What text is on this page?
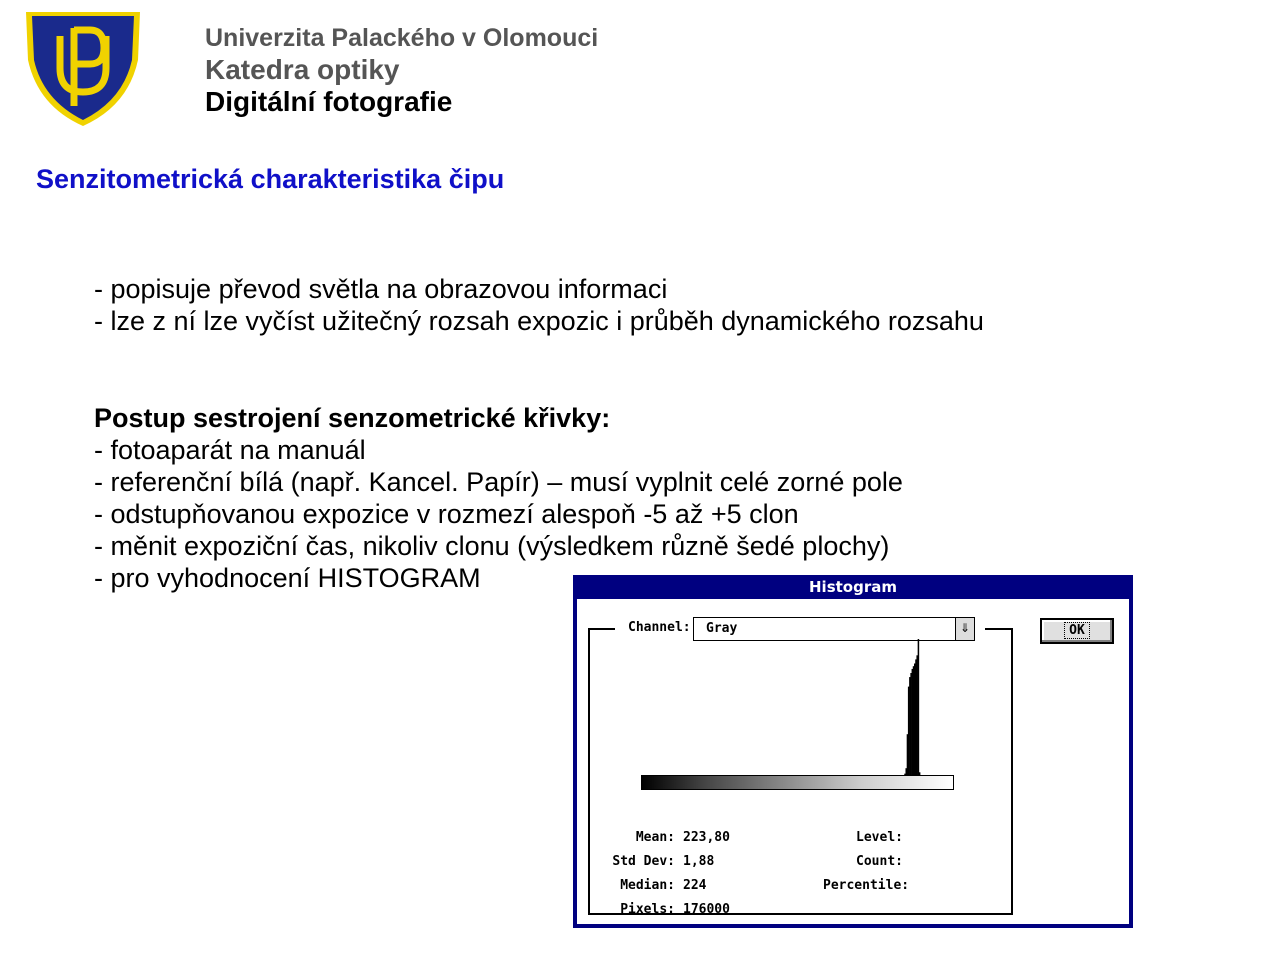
Univerzita Palackého v Olomouci
Katedra optiky
Digitální fotografie
Senzitometrická charakteristika čipu
- popisuje převod světla na obrazovou informaci
- lze z ní lze vyčíst užitečný rozsah expozic i průběh dynamického rozsahu
Postup sestrojení senzometrické křivky:
- fotoaparát na manuál
- referenční bílá (např. Kancel. Papír) – musí vyplnit celé zorné pole
- odstupňovanou expozice v rozmezí alespoň -5 až +5 clon
- měnit expoziční čas, nikoliv clonu (výsledkem různě šedé plochy)
- pro vyhodnocení HISTOGRAM	Histogram
Channel: Gray	⇓	OK
Mean: 223,80
Std Dev: 1,88
Median: 224
Pixels: 176000
Level:
Count:
Percentile:
